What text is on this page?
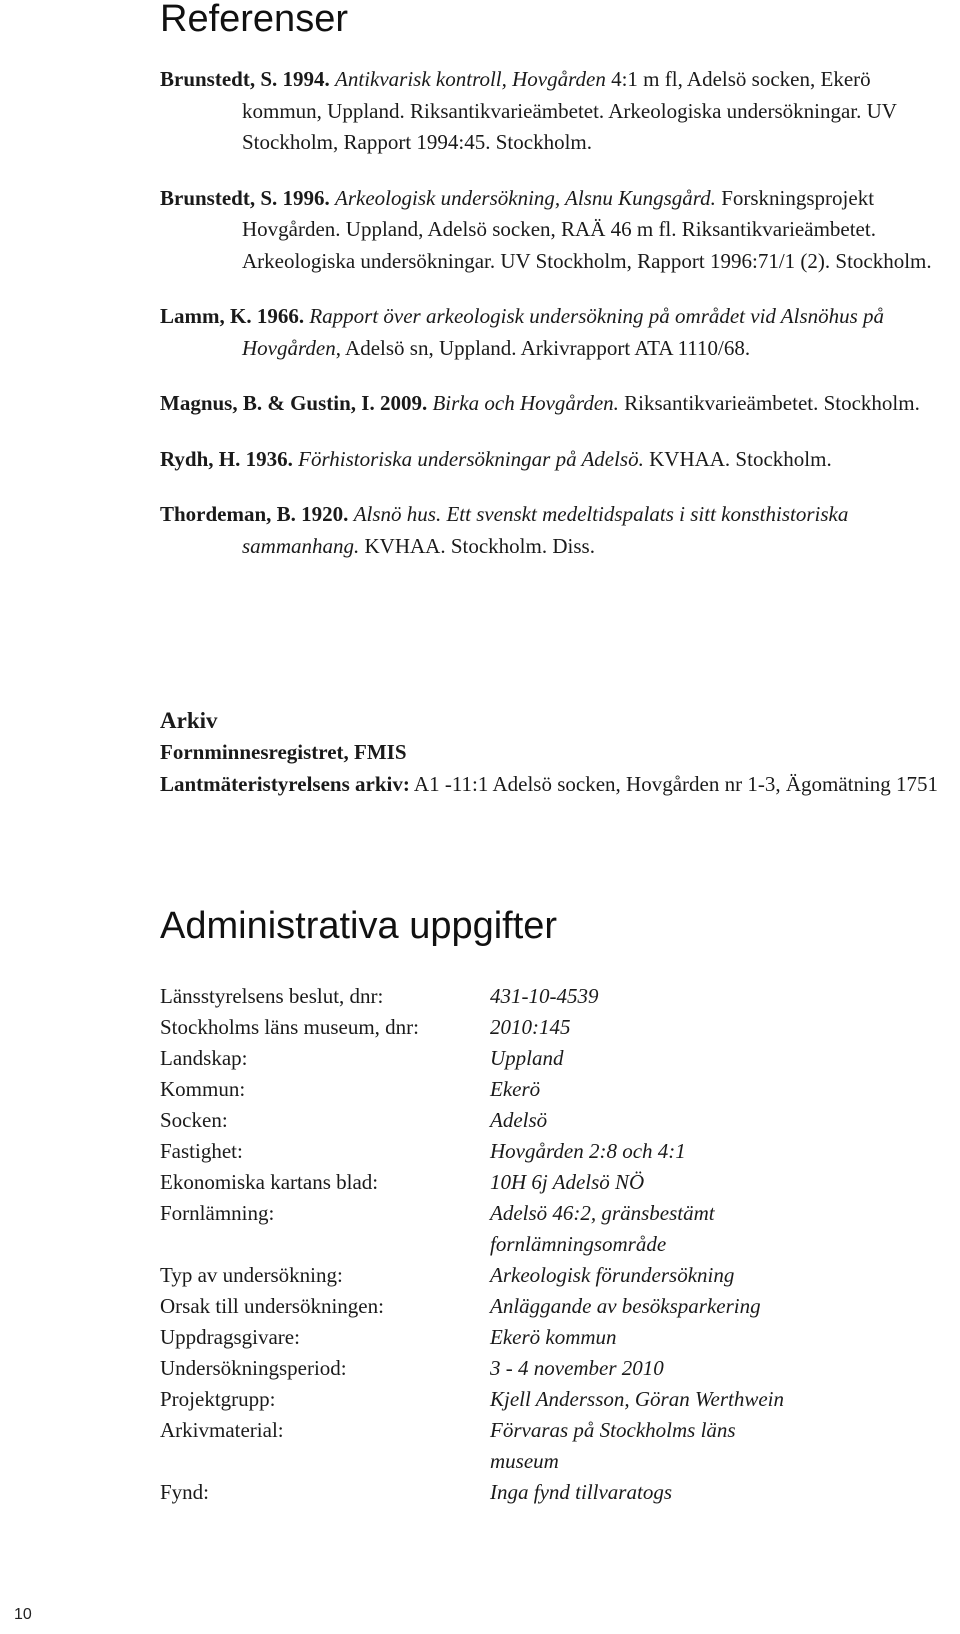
Referenser

Brunstedt, S. 1994. Antikvarisk kontroll, Hovgården 4:1 m fl, Adelsö socken, Ekerö kommun, Uppland. Riksantikvarieämbetet. Arkeologiska undersökningar. UV Stockholm, Rapport 1994:45. Stockholm.

Brunstedt, S. 1996. Arkeologisk undersökning, Alsnu Kungsgård. Forskningsprojekt Hovgården. Uppland, Adelsö socken, RAÄ 46 m fl. Riksantikvarieämbetet. Arkeologiska undersökningar. UV Stockholm, Rapport 1996:71/1 (2). Stockholm.

Lamm, K. 1966. Rapport över arkeologisk undersökning på området vid Alsnöhus på Hovgården, Adelsö sn, Uppland. Arkivrapport ATA 1110/68.

Magnus, B. & Gustin, I. 2009. Birka och Hovgården. Riksantikvarieämbetet. Stockholm.

Rydh, H. 1936. Förhistoriska undersökningar på Adelsö. KVHAA. Stockholm.

Thordeman, B. 1920. Alsnö hus. Ett svenskt medeltidspalats i sitt konsthistoriska sammanhang. KVHAA. Stockholm. Diss.

Arkiv

Fornminnesregistret, FMIS

Lantmäteristyrelsens arkiv: A1 -11:1 Adelsö socken, Hovgården nr 1-3, Ägomätning 1751

Administrativa uppgifter
Länsstyrelsens beslut, dnr:	431-10-4539
Stockholms läns museum, dnr:	2010:145
Landskap:	Uppland
Kommun:	Ekerö
Socken:	Adelsö
Fastighet:	Hovgården 2:8 och 4:1
Ekonomiska kartans blad:	10H 6j Adelsö NÖ
Fornlämning:	Adelsö 46:2, gränsbestämt fornlämningsområde
Typ av undersökning:	Arkeologisk förundersökning
Orsak till undersökningen:	Anläggande av besöksparkering
Uppdragsgivare:	Ekerö kommun
Undersökningsperiod:	3 - 4 november 2010
Projektgrupp:	Kjell Andersson, Göran Werthwein
Arkivmaterial:	Förvaras på Stockholms läns museum
Fynd:	Inga fynd tillvaratogs
10
